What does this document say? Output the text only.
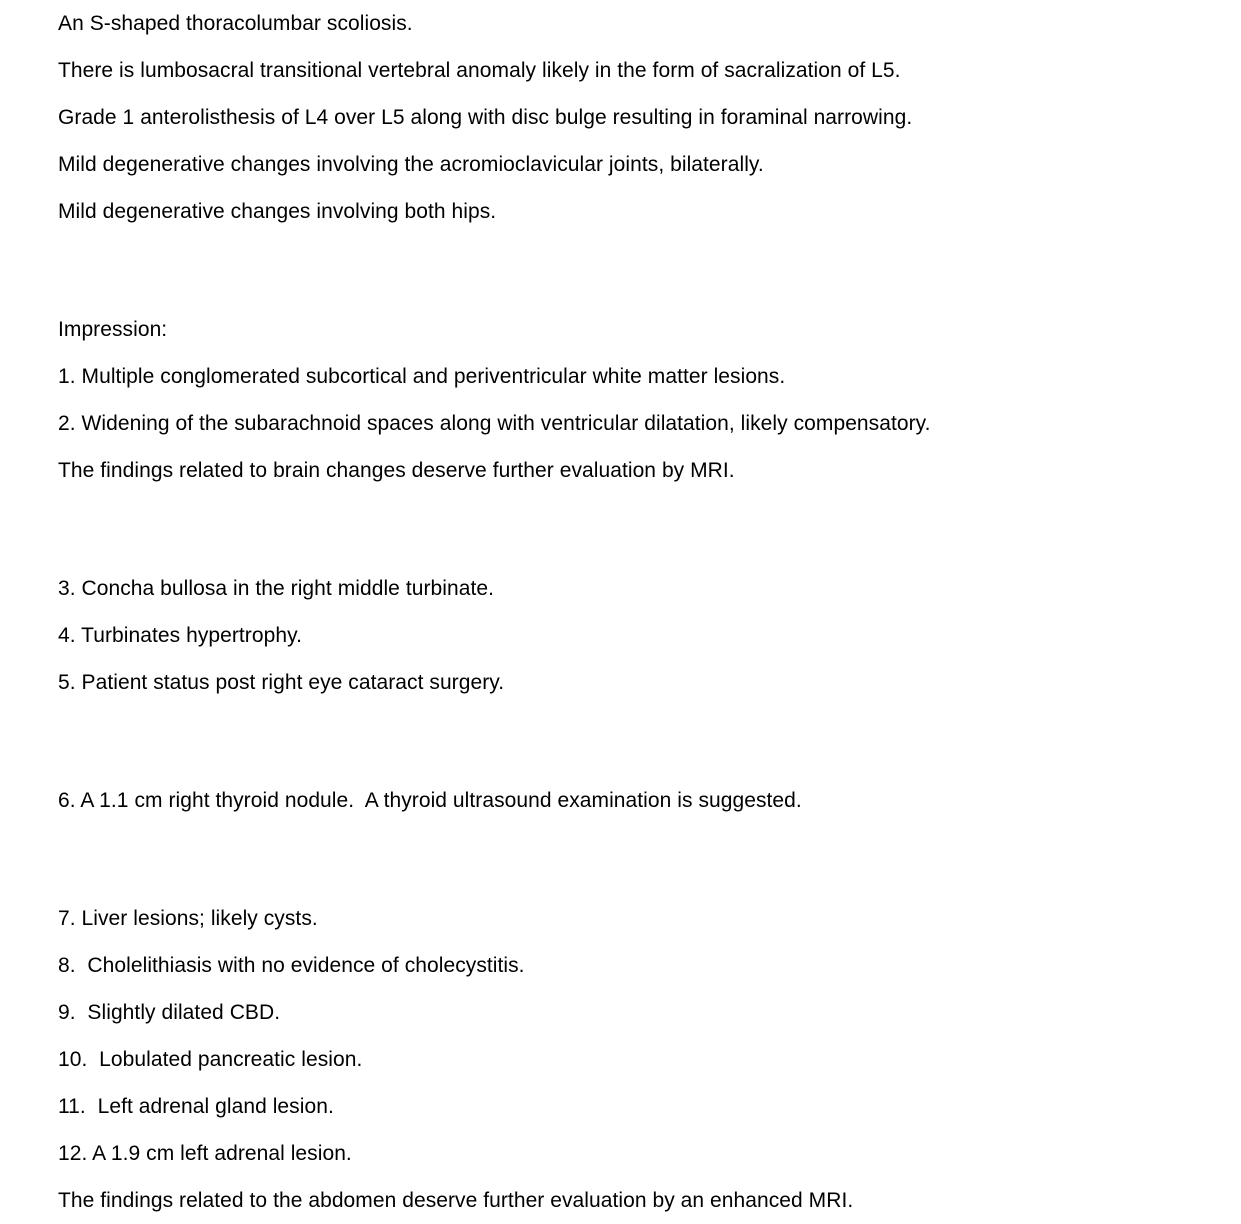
An S-shaped thoracolumbar scoliosis.
There is lumbosacral transitional vertebral anomaly likely in the form of sacralization of L5.
Grade 1 anterolisthesis of L4 over L5 along with disc bulge resulting in foraminal narrowing.
Mild degenerative changes involving the acromioclavicular joints, bilaterally.
Mild degenerative changes involving both hips.
Impression:
1. Multiple conglomerated subcortical and periventricular white matter lesions.
2. Widening of the subarachnoid spaces along with ventricular dilatation, likely compensatory.
The findings related to brain changes deserve further evaluation by MRI.
3. Concha bullosa in the right middle turbinate.
4. Turbinates hypertrophy.
5. Patient status post right eye cataract surgery.
6. A 1.1 cm right thyroid nodule.  A thyroid ultrasound examination is suggested.
7. Liver lesions; likely cysts.
8.  Cholelithiasis with no evidence of cholecystitis.
9.  Slightly dilated CBD.
10.  Lobulated pancreatic lesion.
11.  Left adrenal gland lesion.
12. A 1.9 cm left adrenal lesion.
The findings related to the abdomen deserve further evaluation by an enhanced MRI.
